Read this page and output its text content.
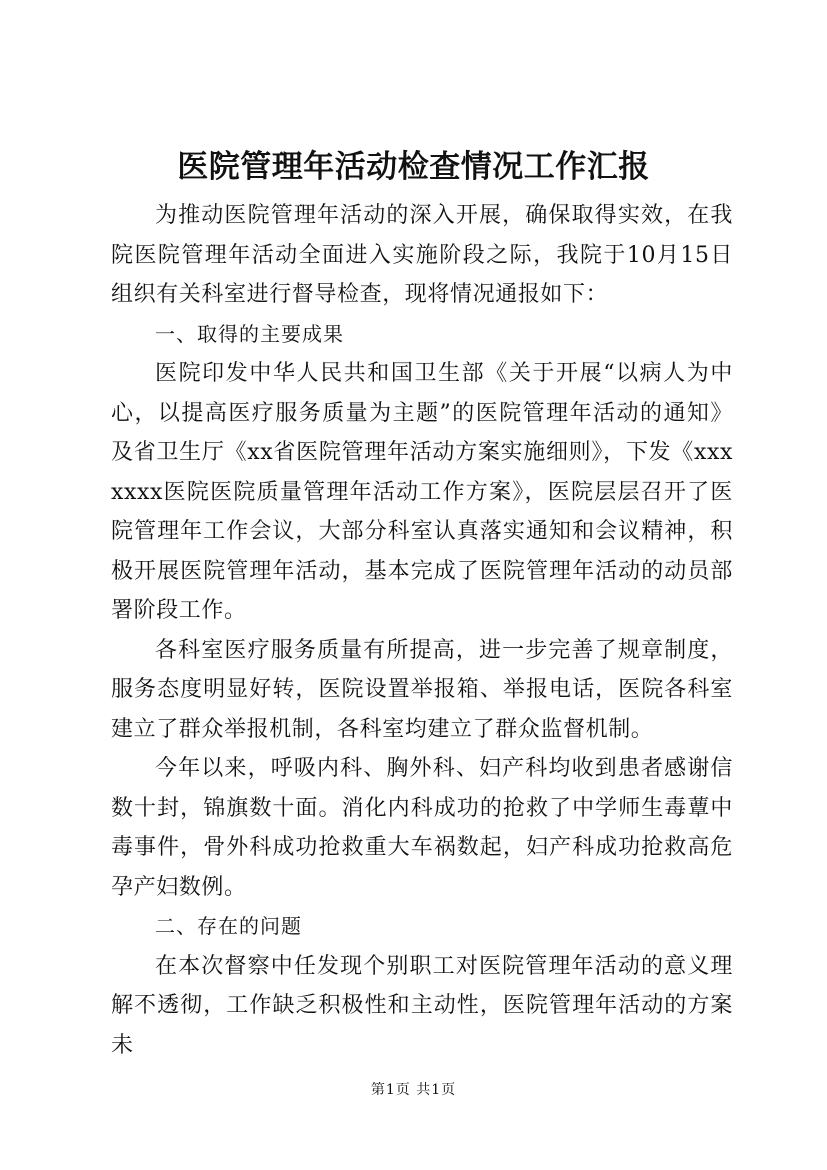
医院管理年活动检查情况工作汇报

为推动医院管理年活动的深入开展，确保取得实效，在我院医院管理年活动全面进入实施阶段之际，我院于10月15日组织有关科室进行督导检查，现将情况通报如下：

一、取得的主要成果

医院印发中华人民共和国卫生部《关于开展“以病人为中心，以提高医疗服务质量为主题”的医院管理年活动的通知》及省卫生厅《xx省医院管理年活动方案实施细则》，下发《xxxxxxx医院医院质量管理年活动工作方案》，医院层层召开了医院管理年工作会议，大部分科室认真落实通知和会议精神，积极开展医院管理年活动，基本完成了医院管理年活动的动员部署阶段工作。

各科室医疗服务质量有所提高，进一步完善了规章制度，服务态度明显好转，医院设置举报箱、举报电话，医院各科室建立了群众举报机制，各科室均建立了群众监督机制。

今年以来，呼吸内科、胸外科、妇产科均收到患者感谢信数十封，锦旗数十面。消化内科成功的抢救了中学师生毒蕈中毒事件，骨外科成功抢救重大车祸数起，妇产科成功抢救高危孕产妇数例。

二、存在的问题

在本次督察中任发现个别职工对医院管理年活动的意义理解不透彻，工作缺乏积极性和主动性，医院管理年活动的方案未

第1页 共1页
